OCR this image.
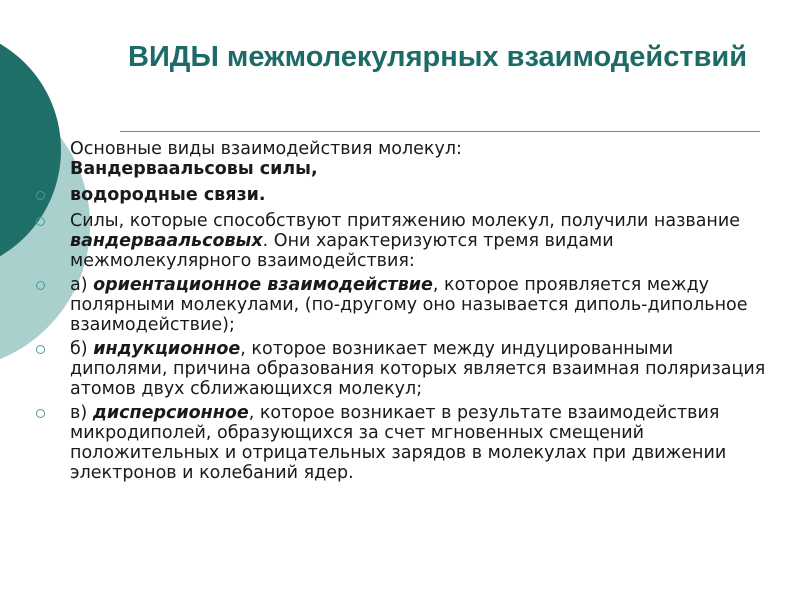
ВИДЫ межмолекулярных взаимодействий
Основные виды взаимодействия молекул:
Вандерваальсовы силы,
водородные связи.
Силы, которые способствуют притяжению молекул, получили название вандерваальсовых. Они характеризуются тремя видами межмолекулярного взаимодействия:
а) ориентационное взаимодействие, которое проявляется между полярными молекулами, (по-другому оно называется диполь-дипольное взаимодействие);
б) индукционное, которое возникает между индуцированными диполями, причина образования которых является взаимная поляризация атомов двух сближающихся молекул;
в) дисперсионное, которое возникает в результате взаимодействия микродиполей, образующихся за счет мгновенных смещений положительных и отрицательных зарядов в молекулах при движении электронов и колебаний ядер.
